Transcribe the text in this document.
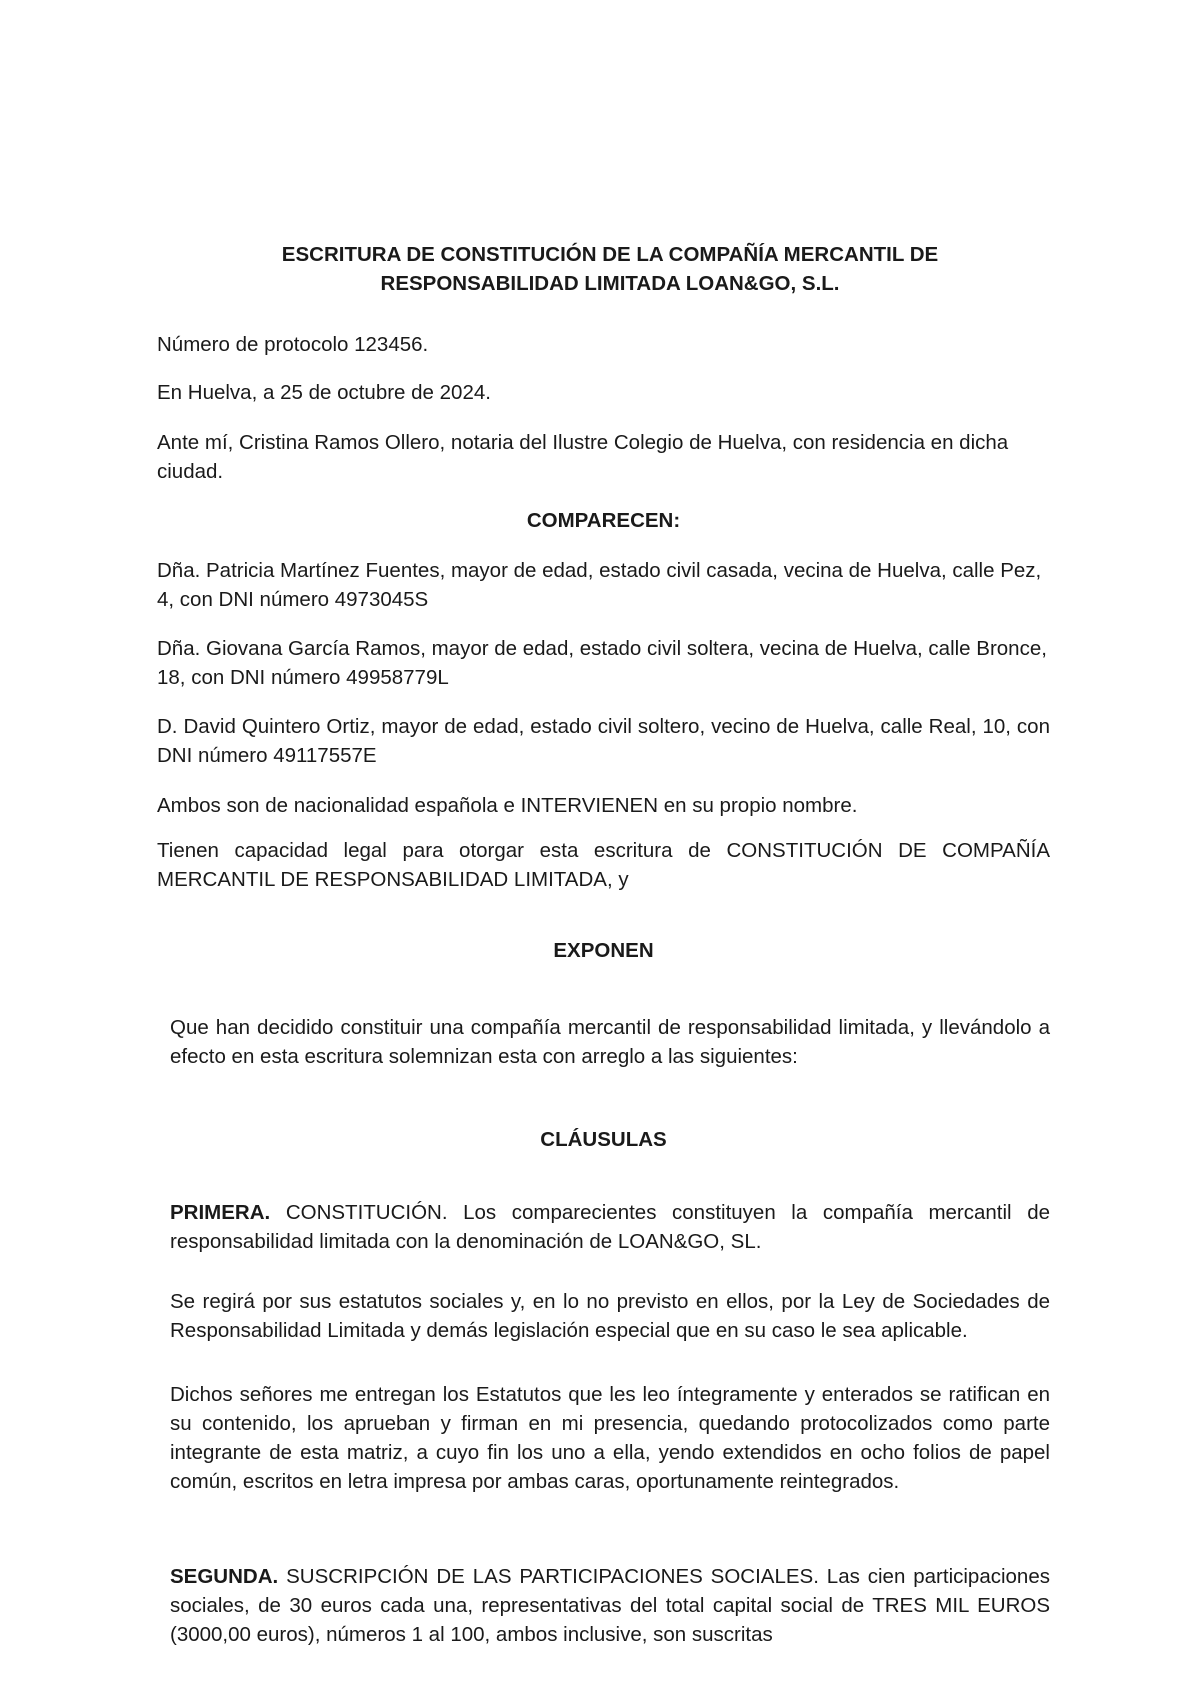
ESCRITURA DE CONSTITUCIÓN DE LA COMPAÑÍA MERCANTIL DE
RESPONSABILIDAD LIMITADA LOAN&GO, S.L.

Número de protocolo 123456.

En Huelva, a 25 de octubre de 2024.

Ante mí, Cristina Ramos Ollero, notaria del Ilustre Colegio de Huelva, con residencia en dicha ciudad.

COMPARECEN:

Dña. Patricia Martínez Fuentes, mayor de edad, estado civil casada, vecina de Huelva, calle Pez, 4, con DNI número 4973045S

Dña. Giovana García Ramos, mayor de edad, estado civil soltera, vecina de Huelva, calle Bronce, 18, con DNI número 49958779L

D. David Quintero Ortiz, mayor de edad, estado civil soltero, vecino de Huelva, calle Real, 10, con DNI número 49117557E

Ambos son de nacionalidad española e INTERVIENEN en su propio nombre.

Tienen capacidad legal para otorgar esta escritura de CONSTITUCIÓN DE COMPAÑÍA MERCANTIL DE RESPONSABILIDAD LIMITADA, y

EXPONEN

Que han decidido constituir una compañía mercantil de responsabilidad limitada, y llevándolo a efecto en esta escritura solemnizan esta con arreglo a las siguientes:

CLÁUSULAS

PRIMERA. CONSTITUCIÓN. Los comparecientes constituyen la compañía mercantil de responsabilidad limitada con la denominación de LOAN&GO, SL.

Se regirá por sus estatutos sociales y, en lo no previsto en ellos, por la Ley de Sociedades de Responsabilidad Limitada y demás legislación especial que en su caso le sea aplicable.

Dichos señores me entregan los Estatutos que les leo íntegramente y enterados se ratifican en su contenido, los aprueban y firman en mi presencia, quedando protocolizados como parte integrante de esta matriz, a cuyo fin los uno a ella, yendo extendidos en ocho folios de papel común, escritos en letra impresa por ambas caras, oportunamente reintegrados.

SEGUNDA. SUSCRIPCIÓN DE LAS PARTICIPACIONES SOCIALES. Las cien participaciones sociales, de 30 euros cada una, representativas del total capital social de TRES MIL EUROS (3000,00 euros), números 1 al 100, ambos inclusive, son suscritas
